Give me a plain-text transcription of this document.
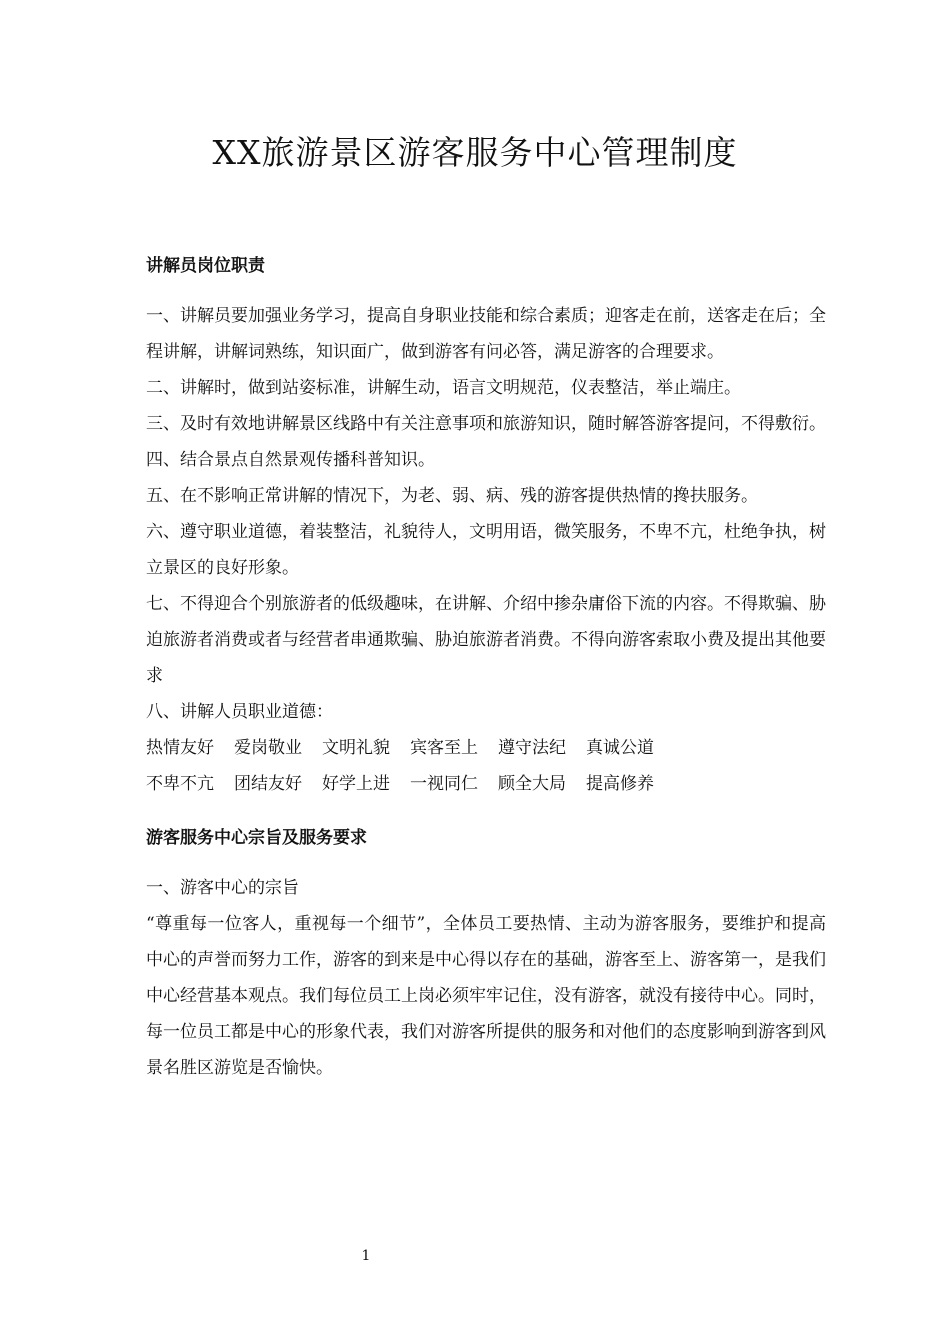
XX旅游景区游客服务中心管理制度
讲解员岗位职责

一、讲解员要加强业务学习，提高自身职业技能和综合素质；迎客走在前，送客走在后；全程讲解，讲解词熟练，知识面广，做到游客有问必答，满足游客的合理要求。

二、讲解时，做到站姿标准，讲解生动，语言文明规范，仪表整洁，举止端庄。

三、及时有效地讲解景区线路中有关注意事项和旅游知识，随时解答游客提问，不得敷衍。

四、结合景点自然景观传播科普知识。

五、在不影响正常讲解的情况下，为老、弱、病、残的游客提供热情的搀扶服务。

六、遵守职业道德，着装整洁，礼貌待人，文明用语，微笑服务，不卑不亢，杜绝争执，树立景区的良好形象。

七、不得迎合个别旅游者的低级趣味，在讲解、介绍中掺杂庸俗下流的内容。不得欺骗、胁迫旅游者消费或者与经营者串通欺骗、胁迫旅游者消费。不得向游客索取小费及提出其他要求

八、讲解人员职业道德：

热情友好 爱岗敬业 文明礼貌 宾客至上 遵守法纪 真诚公道
不卑不亢 团结友好 好学上进 一视同仁 顾全大局 提高修养
游客服务中心宗旨及服务要求

一、游客中心的宗旨

“尊重每一位客人，重视每一个细节”，全体员工要热情、主动为游客服务，要维护和提高中心的声誉而努力工作，游客的到来是中心得以存在的基础，游客至上、游客第一，是我们中心经营基本观点。我们每位员工上岗必须牢牢记住，没有游客，就没有接待中心。同时，每一位员工都是中心的形象代表，我们对游客所提供的服务和对他们的态度影响到游客到风景名胜区游览是否愉快。

1
